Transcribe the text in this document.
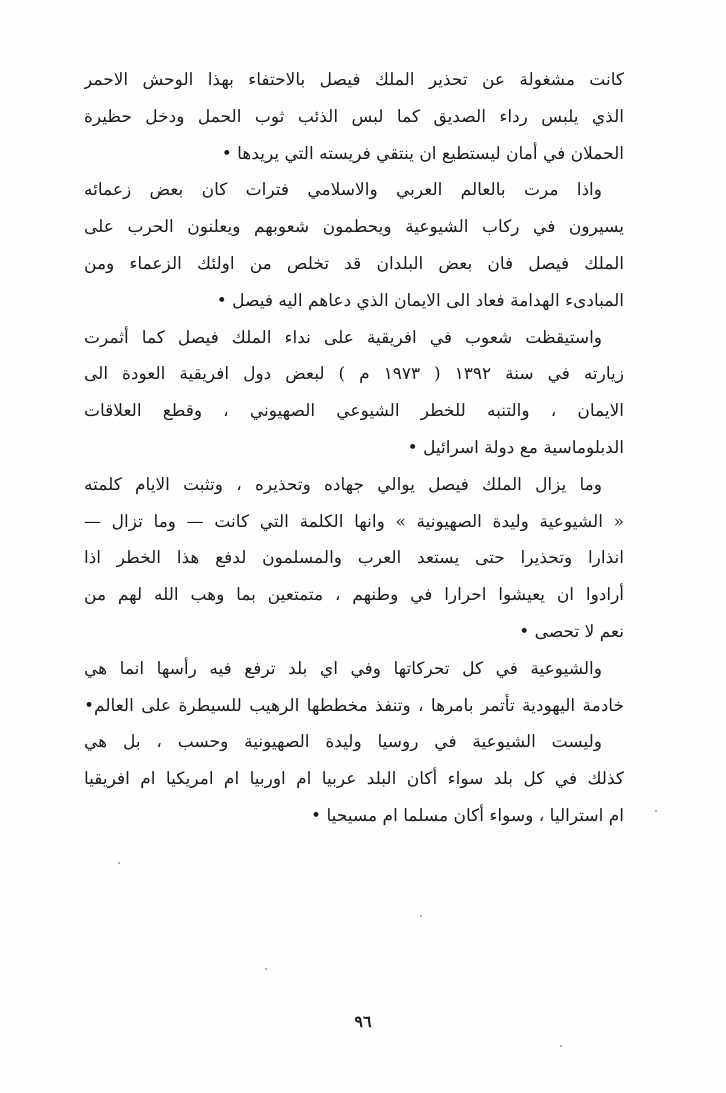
كانت مشغولة عن تحذير الملك فيصل بالاحتفاء بهذا الوحش الاحمر
الذي يلبس رداء الصديق كما لبس الذئب ثوب الحمل ودخل حظيرة
الحملان في أمان ليستطيع ان ينتقي فريسته التي يريدها •
واذا مرت بالعالم العربي والاسلامي فترات كان بعض زعمائه
يسيرون في ركاب الشيوعية ويحطمون شعوبهم ويعلنون الحرب على
الملك فيصل فان بعض البلدان قد تخلص من اولئك الزعماء ومن
المبادىء الهدامة فعاد الى الايمان الذي دعاهم اليه فيصل •
واستيقظت شعوب في افريقية على نداء الملك فيصل كما أثمرت
زيارته في سنة ١٣٩٢ ( ١٩٧٣ م ) لبعض دول افريقية العودة الى
الايمان ، والتنبه للخطر الشيوعي الصهيوني ، وقطع العلاقات
الدبلوماسية مع دولة اسرائيل •
وما يزال الملك فيصل يوالي جهاده وتحذيره ، وتثبت الايام كلمته
« الشيوعية وليدة الصهيونية » وانها الكلمة التي كانت — وما تزال —
انذارا وتحذيرا حتى يستعد العرب والمسلمون لدفع هذا الخطر اذا
أرادوا ان يعيشوا احرارا في وطنهم ، متمتعين بما وهب الله لهم من
نعم لا تحصى •
والشيوعية في كل تحركاتها وفي اي بلد ترفع فيه رأسها انما هي
خادمة اليهودية تأتمر بامرها ، وتنفذ مخططها الرهيب للسيطرة على العالم•
وليست الشيوعية في روسيا وليدة الصهيونية وحسب ، بل هي
كذلك في كل بلد سواء أكان البلد عربيا ام اوربيا ام امريكيا ام افريقيا
ام استراليا ، وسواء أكان مسلما ام مسيحيا •
٩٦
